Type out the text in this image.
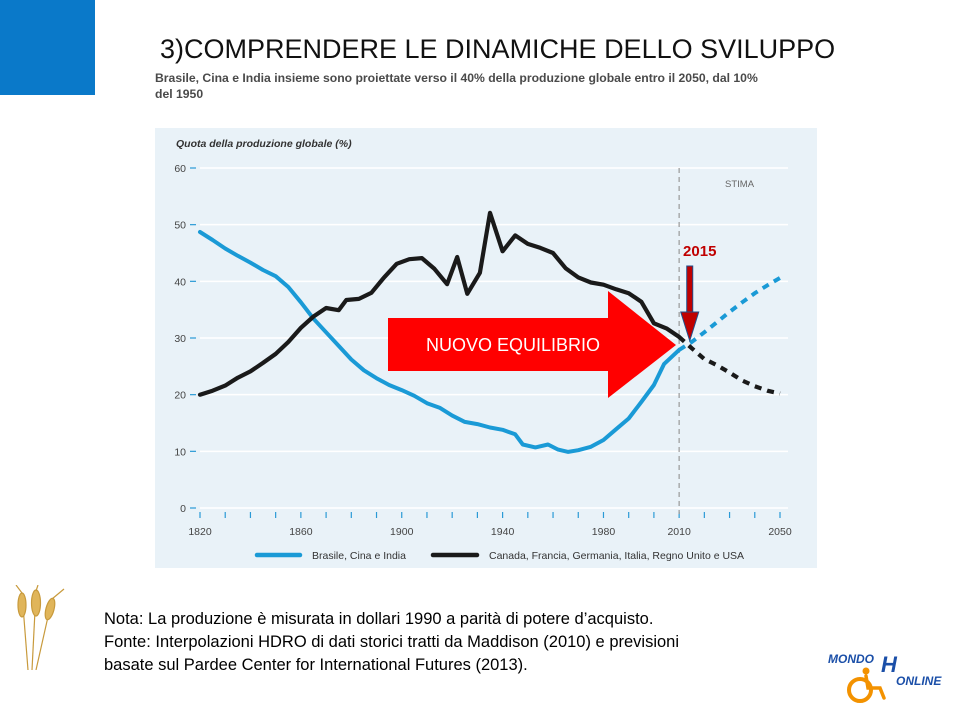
3)COMPRENDERE LE DINAMICHE DELLO SVILUPPO
Brasile, Cina e India insieme sono proiettate verso il 40% della produzione globale entro il 2050, dal 10%
del 1950
Quota della produzione globale (%)
0
10
20
30
40
50
60
1820	1860	1900	1940	1980	2010	2050
STIMA
Brasile, Cina e India	Canada, Francia, Germania, Italia, Regno Unito e USA
NUOVO EQUILIBRIO
2015
Nota: La produzione è misurata in dollari 1990 a parità di potere d’acquisto.
Fonte: Interpolazioni HDRO di dati storici tratti da Maddison (2010) e previsioni
basate sul Pardee Center for International Futures (2013).	MONDO H
ONLINE
